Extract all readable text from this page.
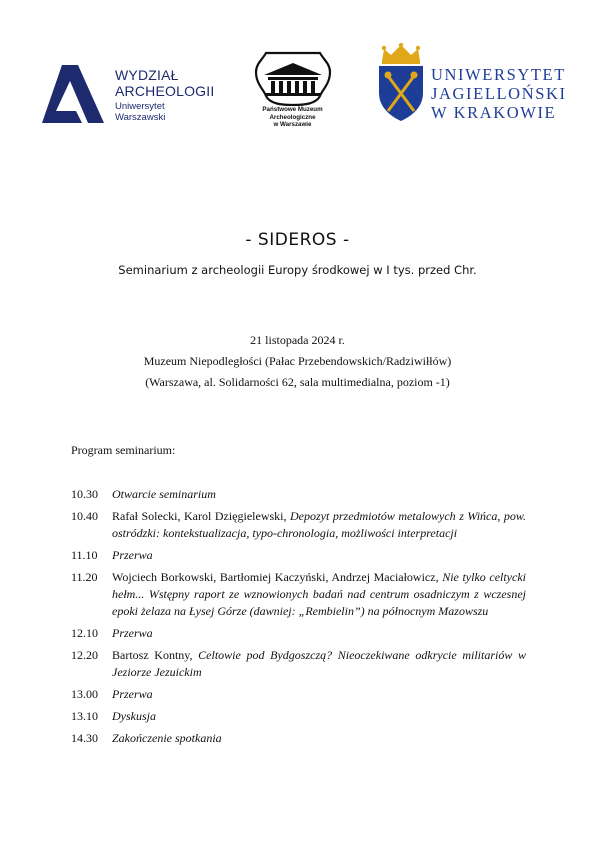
WYDZIAŁ
ARCHEOLOGII
Uniwersytet
Warszawski
Państwowe Muzeum
Archeologiczne
w Warszawie
UNIWERSYTET
JAGIELLOŃSKI
W KRAKOWIE
- SIDEROS -
Seminarium z archeologii Europy środkowej w I tys. przed Chr.
21 listopada 2024 r.
Muzeum Niepodległości (Pałac Przebendowskich/Radziwiłłów)
(Warszawa, al. Solidarności 62, sala multimedialna, poziom -1)
Program seminarium:
10.30	Otwarcie seminarium
10.40	Rafał Solecki, Karol Dzięgielewski, Depozyt przedmiotów metalowych z Wińca, pow. ostródzki: kontekstualizacja, typo-chronologia, możliwości interpretacji
11.10	Przerwa
11.20	Wojciech Borkowski, Bartłomiej Kaczyński, Andrzej Maciałowicz, Nie tylko celtycki hełm... Wstępny raport ze wznowionych badań nad centrum osadniczym z wczesnej epoki żelaza na Łysej Górze (dawniej: „Rembielin”) na północnym Mazowszu
12.10	Przerwa
12.20	Bartosz Kontny, Celtowie pod Bydgoszczą? Nieoczekiwane odkrycie militariów w Jeziorze Jezuickim
13.00	Przerwa
13.10	Dyskusja
14.30	Zakończenie spotkania
